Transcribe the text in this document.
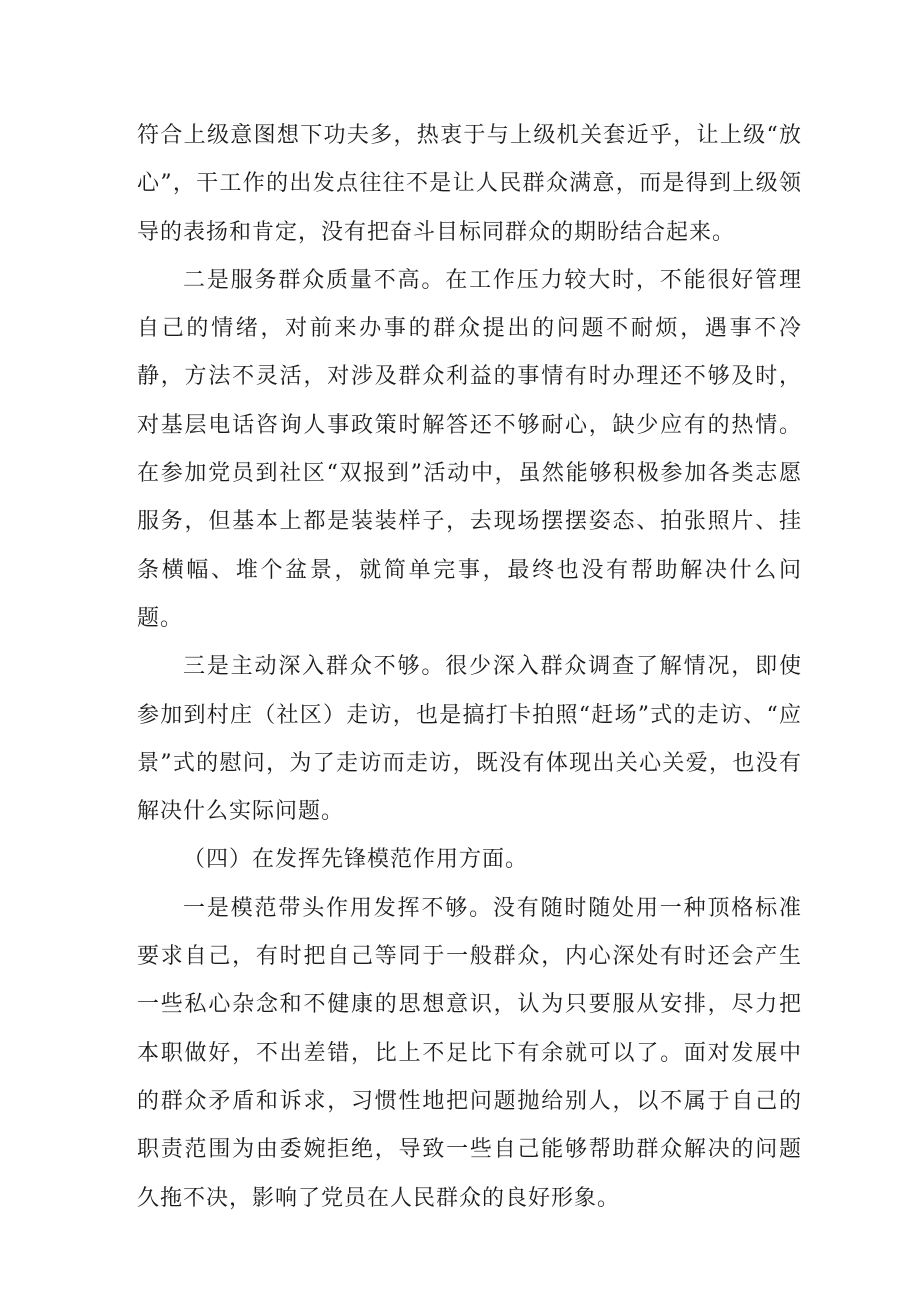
符合上级意图想下功夫多，热衷于与上级机关套近乎，让上级“放心”，干工作的出发点往往不是让人民群众满意，而是得到上级领导的表扬和肯定，没有把奋斗目标同群众的期盼结合起来。

二是服务群众质量不高。在工作压力较大时，不能很好管理自己的情绪，对前来办事的群众提出的问题不耐烦，遇事不冷静，方法不灵活，对涉及群众利益的事情有时办理还不够及时，对基层电话咨询人事政策时解答还不够耐心，缺少应有的热情。在参加党员到社区“双报到”活动中，虽然能够积极参加各类志愿服务，但基本上都是装装样子，去现场摆摆姿态、拍张照片、挂条横幅、堆个盆景，就简单完事，最终也没有帮助解决什么问题。

三是主动深入群众不够。很少深入群众调查了解情况，即使参加到村庄（社区）走访，也是搞打卡拍照“赶场”式的走访、“应景”式的慰问，为了走访而走访，既没有体现出关心关爱，也没有解决什么实际问题。

（四）在发挥先锋模范作用方面。

一是模范带头作用发挥不够。没有随时随处用一种顶格标准要求自己，有时把自己等同于一般群众，内心深处有时还会产生一些私心杂念和不健康的思想意识，认为只要服从安排，尽力把本职做好，不出差错，比上不足比下有余就可以了。面对发展中的群众矛盾和诉求，习惯性地把问题抛给别人，以不属于自己的职责范围为由委婉拒绝，导致一些自己能够帮助群众解决的问题久拖不决，影响了党员在人民群众的良好形象。
